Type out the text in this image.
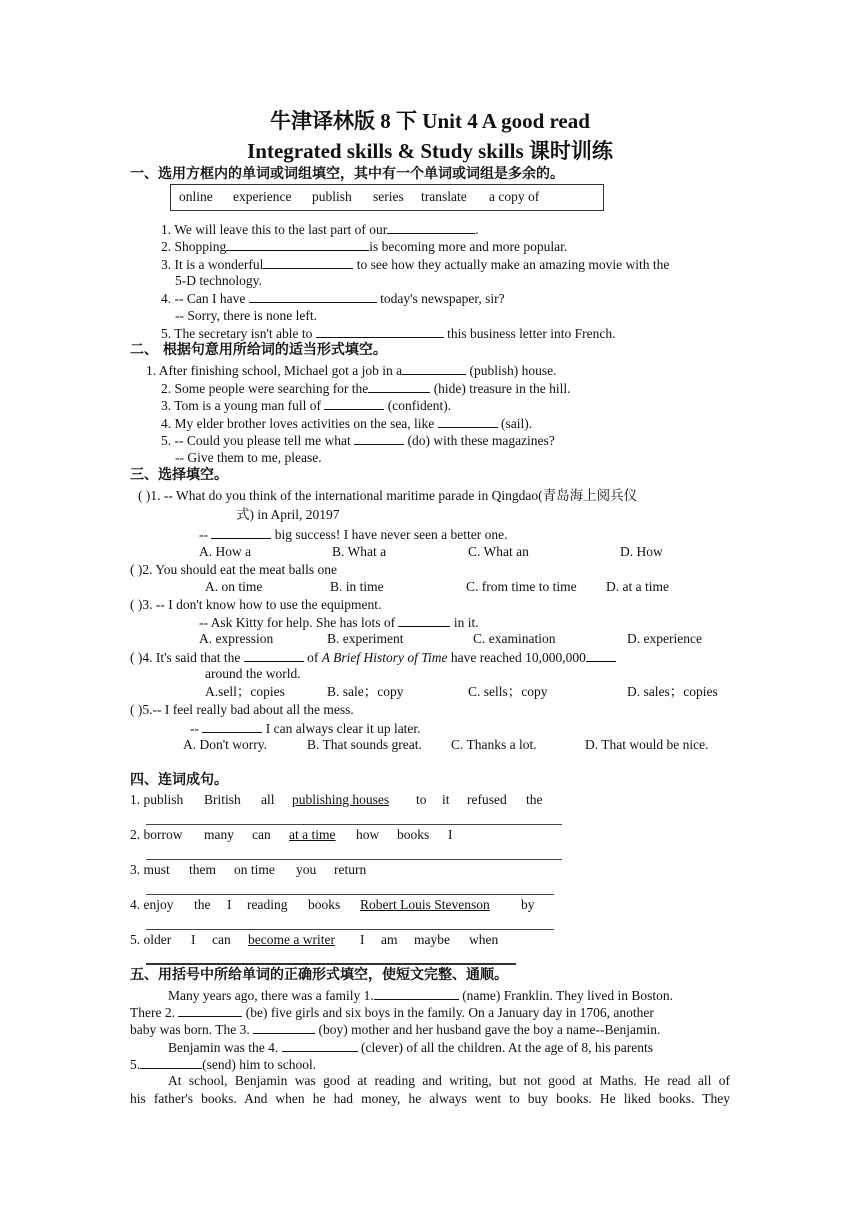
牛津译林版 8 下 Unit 4 A good read
Integrated skills & Study skills 课时训练
一、选用方框内的单词或词组填空，其中有一个单词或词组是多余的。
online experience publish series translate a copy of
1. We will leave this to the last part of our	.
2. Shopping	is becoming more and more popular.
3. It is a wonderful	to see how they actually make an amazing movie with the
5-D technology.
4. -- Can I have	today's newspaper, sir?
-- Sorry, there is none left.
5. The secretary isn't able to	this business letter into French.
二、 根据句意用所给词的适当形式填空。
1. After finishing school, Michael got a job in a	(publish) house.
2. Some people were searching for the	(hide) treasure in the hill.
3. Tom is a young man full of	(confident).
4. My elder brother loves activities on the sea, like	(sail).
5. -- Could you please tell me what	(do) with these magazines?
-- Give them to me, please.
三、选择填空。
( )1. -- What do you think of the international maritime parade in Qingdao(青岛海上阅兵仪
式) in April, 20197
--	big success! I have never seen a better one.
A. How a	B. What a	C. What an	D. How
( )2. You should eat the meat balls one
A. on time	B. in time	C. from time to time D. at a time
( )3. -- I don't know how to use the equipment.
-- Ask Kitty for help. She has lots of	in it.
A. expression	B. experiment	C. examination	D. experience
( )4. It's said that the	of A Brief History of Time have reached 10,000,000
around the world.
A.sell；copies	B. sale；copy	C. sells；copy	D. sales；copies
( )5.-- I feel really bad about all the mess.
--	I can always clear it up later.
A. Don't worry.	B. That sounds great. C. Thanks a lot.	D. That would be nice.
四、连词成句。
1. publish British all publishing houses to it refused the
2. borrow many can at a time how books I
3. must them on time you return
4. enjoy the I reading books Robert Louis Stevenson by
5. older I can become a writer I am maybe when
五、用括号中所给单词的正确形式填空，使短文完整、通顺。
Many years ago, there was a family 1.	(name) Franklin. They lived in Boston.
There 2.	(be) five girls and six boys in the family. On a January day in 1706, another
baby was born. The 3.	(boy) mother and her husband gave the boy a name--Benjamin.
Benjamin was the 4.	(clever) of all the children. At the age of 8, his parents
5.	(send) him to school.
At school, Benjamin was good at reading and writing, but not good at Maths. He read all of
his father's books. And when he had money, he always went to buy books. He liked books. They
